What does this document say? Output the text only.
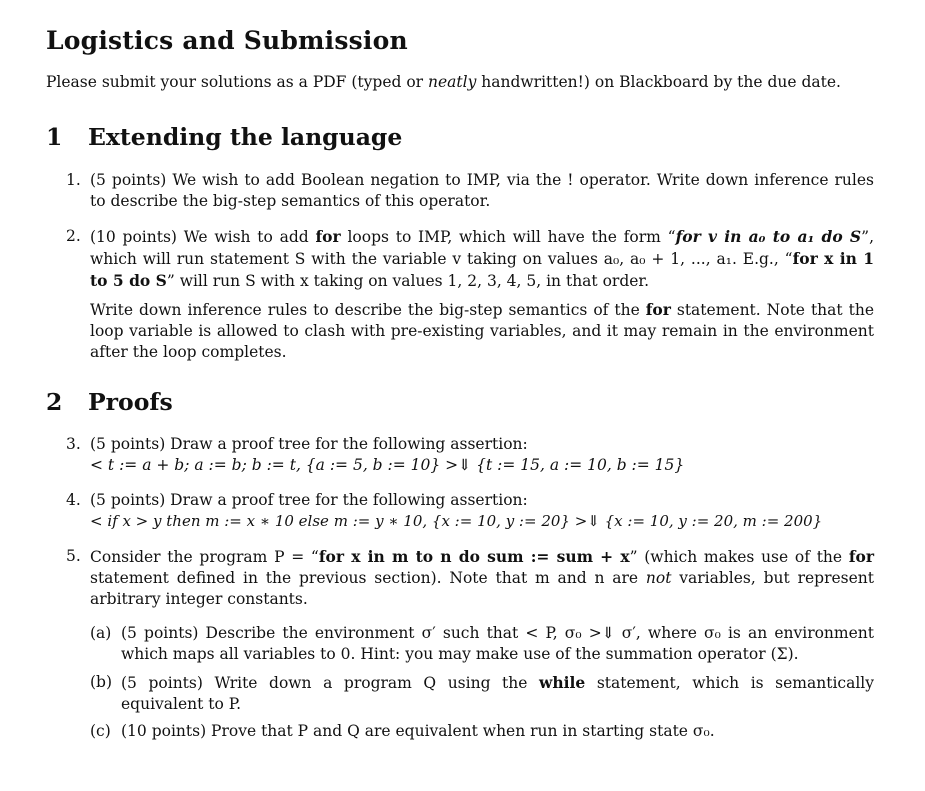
Logistics and Submission
Please submit your solutions as a PDF (typed or neatly handwritten!) on Blackboard by the due date.
1 Extending the language
1. (5 points) We wish to add Boolean negation to IMP, via the ! operator. Write down inference rules to describe the big-step semantics of this operator.

2. (10 points) We wish to add for loops to IMP, which will have the form “for v in a₀ to a₁ do S”, which will run statement S with the variable v taking on values a₀, a₀ + 1, ..., a₁. E.g., “for x in 1 to 5 do S” will run S with x taking on values 1, 2, 3, 4, 5, in that order.

Write down inference rules to describe the big-step semantics of the for statement. Note that the loop variable is allowed to clash with pre-existing variables, and it may remain in the environment after the loop completes.

2 Proofs
3. (5 points) Draw a proof tree for the following assertion:

< t := a + b; a := b; b := t, {a := 5, b := 10} >⇓ {t := 15, a := 10, b := 15}

4. (5 points) Draw a proof tree for the following assertion:

< if x > y then m := x ∗ 10 else m := y ∗ 10, {x := 10, y := 20} >⇓ {x := 10, y := 20, m := 200}

5. Consider the program P = “for x in m to n do sum := sum + x” (which makes use of the for statement defined in the previous section). Note that m and n are not variables, but represent arbitrary integer constants.

(a) (5 points) Describe the environment σ′ such that < P, σ₀ >⇓ σ′, where σ₀ is an environment which maps all variables to 0. Hint: you may make use of the summation operator (Σ).

(b) (5 points) Write down a program Q using the while statement, which is semantically equivalent to P.

(c) (10 points) Prove that P and Q are equivalent when run in starting state σ₀.
